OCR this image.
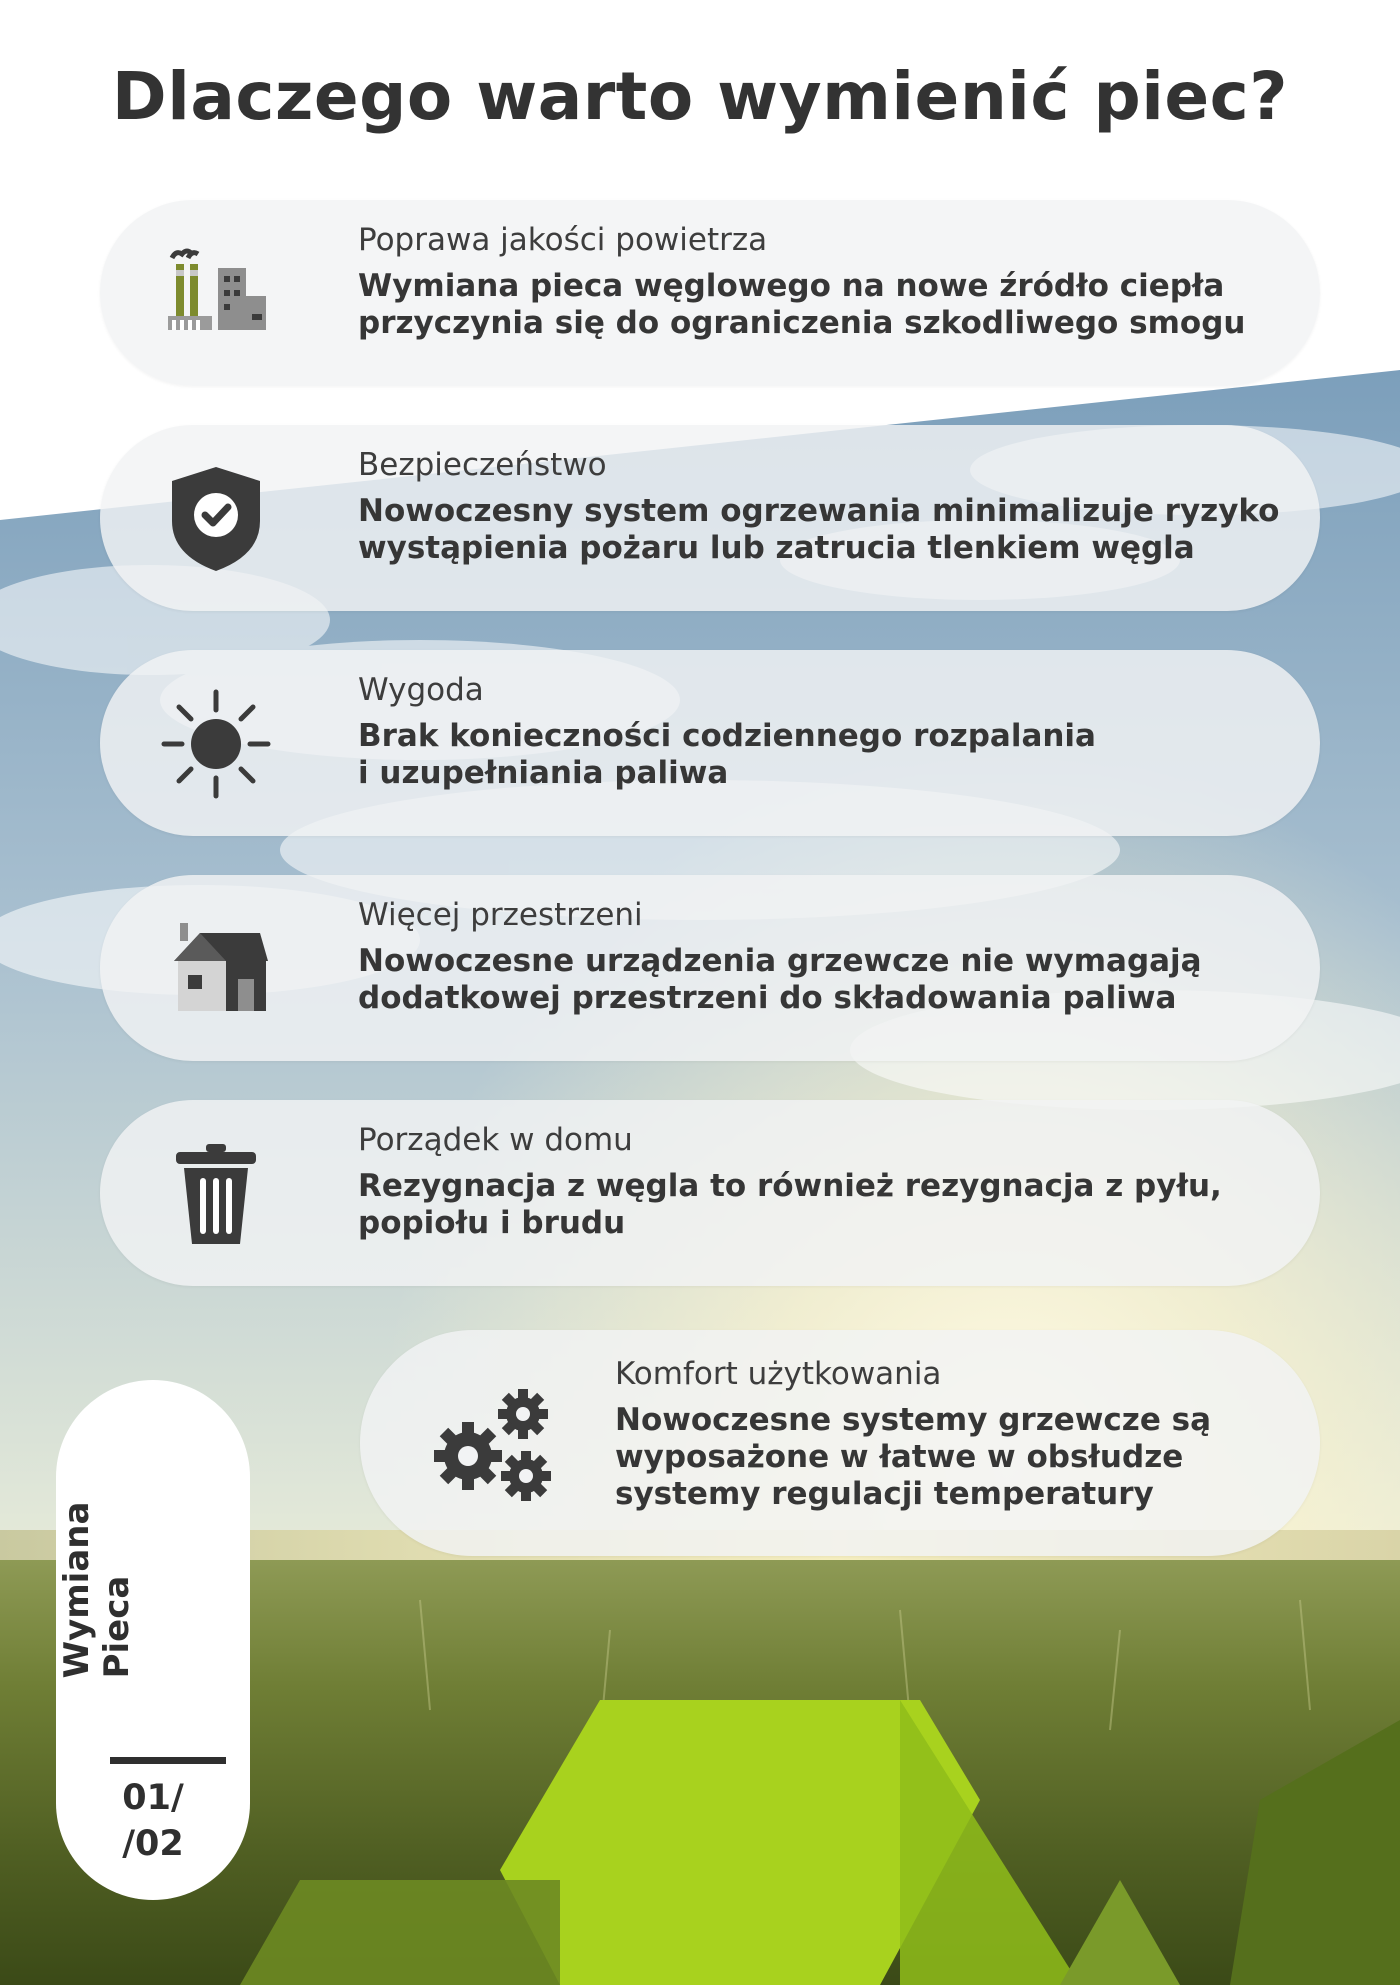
Dlaczego warto wymienić piec?
Poprawa jakości powietrza
Wymiana pieca węglowego na nowe źródło ciepła
przyczynia się do ograniczenia szkodliwego smogu
Bezpieczeństwo
Nowoczesny system ogrzewania minimalizuje ryzyko
wystąpienia pożaru lub zatrucia tlenkiem węgla
Wygoda
Brak konieczności codziennego rozpalania
i uzupełniania paliwa
Więcej przestrzeni
Nowoczesne urządzenia grzewcze nie wymagają
dodatkowej przestrzeni do składowania paliwa
Porządek w domu
Rezygnacja z węgla to również rezygnacja z pyłu,
popiołu i brudu
Komfort użytkowania
Nowoczesne systemy grzewcze są
wyposażone w łatwe w obsłudze
systemy regulacji temperatury
Wymiana Pieca
01/
/02
